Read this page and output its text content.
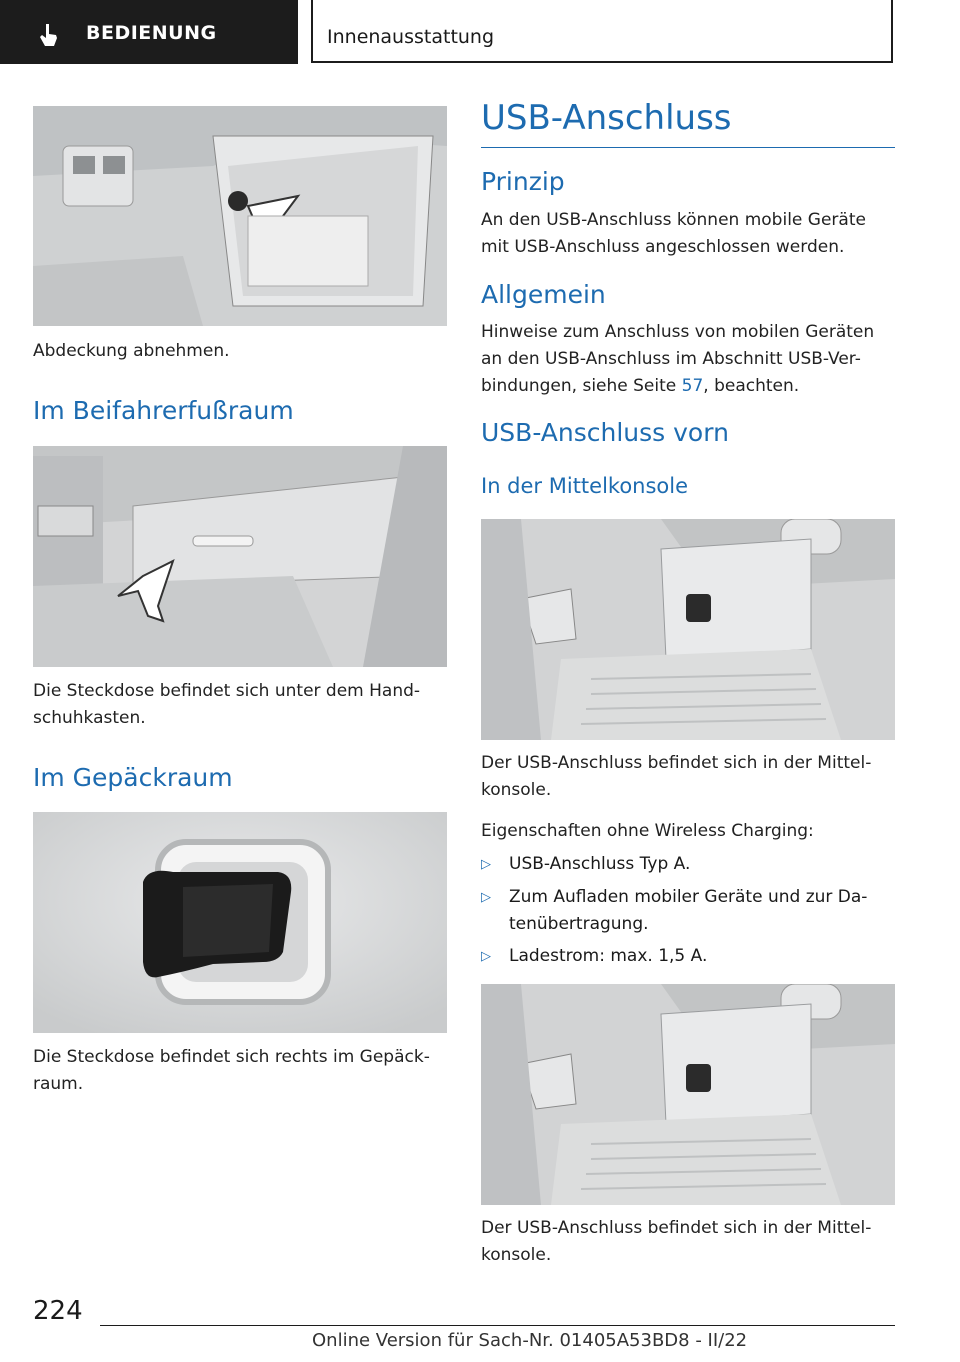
BEDIENUNG	Innenausstattung
Abdeckung abnehmen.
Im Beifahrerfußraum
Die Steckdose befindet sich unter dem Hand-
schuhkasten.
Im Gepäckraum
Die Steckdose befindet sich rechts im Gepäck-
raum.
USB-Anschluss
Prinzip
An den USB-Anschluss können mobile Geräte
mit USB-Anschluss angeschlossen werden.
Allgemein
Hinweise zum Anschluss von mobilen Geräten
an den USB-Anschluss im Abschnitt USB-Ver-
bindungen, siehe Seite 57, beachten.
USB-Anschluss vorn
In der Mittelkonsole
Der USB-Anschluss befindet sich in der Mittel-
konsole.
Eigenschaften ohne Wireless Charging:
▷ USB-Anschluss Typ A.
▷ Zum Aufladen mobiler Geräte und zur Da-
tenübertragung.
▷ Ladestrom: max. 1,5 A.
Der USB-Anschluss befindet sich in der Mittel-
konsole.
224
Online Version für Sach-Nr. 01405A53BD8 - II/22
